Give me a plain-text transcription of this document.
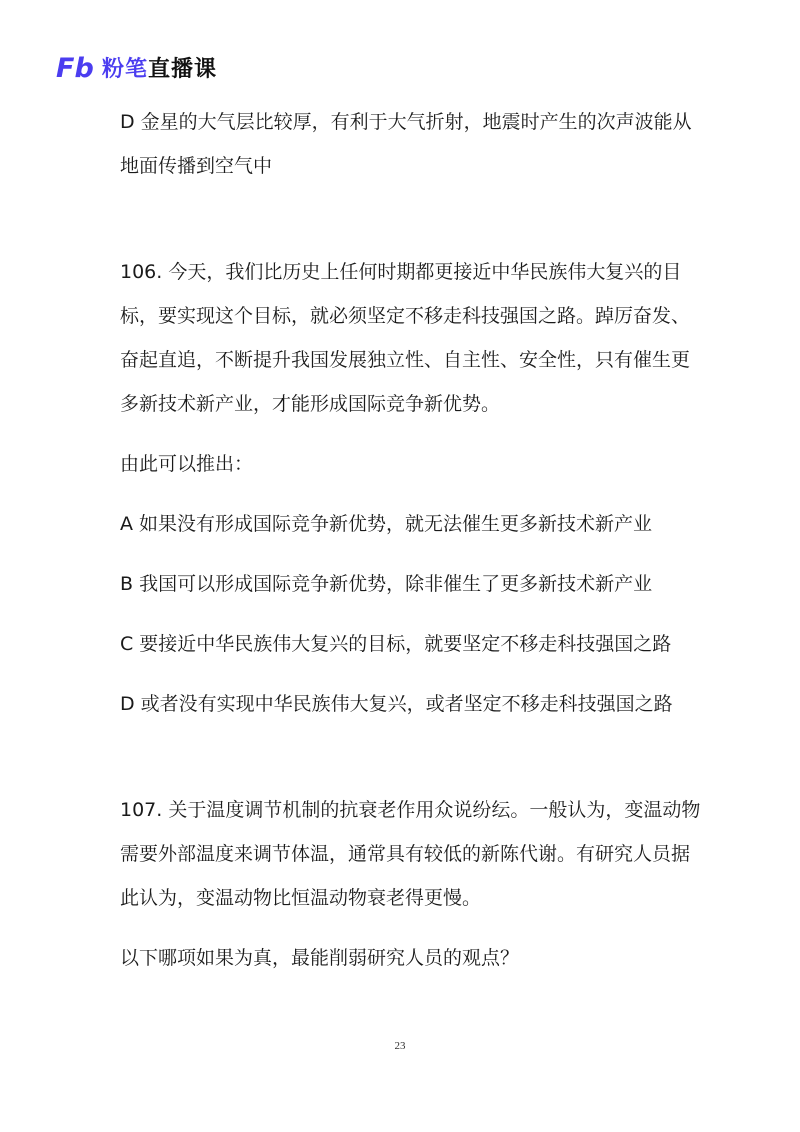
Fb 粉笔 直播课

D 金星的大气层比较厚，有利于大气折射，地震时产生的次声波能从

地面传播到空气中

106. 今天，我们比历史上任何时期都更接近中华民族伟大复兴的目

标，要实现这个目标，就必须坚定不移走科技强国之路。踔厉奋发、

奋起直追，不断提升我国发展独立性、自主性、安全性，只有催生更

多新技术新产业，才能形成国际竞争新优势。

由此可以推出：

A 如果没有形成国际竞争新优势，就无法催生更多新技术新产业

B 我国可以形成国际竞争新优势，除非催生了更多新技术新产业

C 要接近中华民族伟大复兴的目标，就要坚定不移走科技强国之路

D 或者没有实现中华民族伟大复兴，或者坚定不移走科技强国之路

107. 关于温度调节机制的抗衰老作用众说纷纭。一般认为，变温动物

需要外部温度来调节体温，通常具有较低的新陈代谢。有研究人员据

此认为，变温动物比恒温动物衰老得更慢。

以下哪项如果为真，最能削弱研究人员的观点？

23
